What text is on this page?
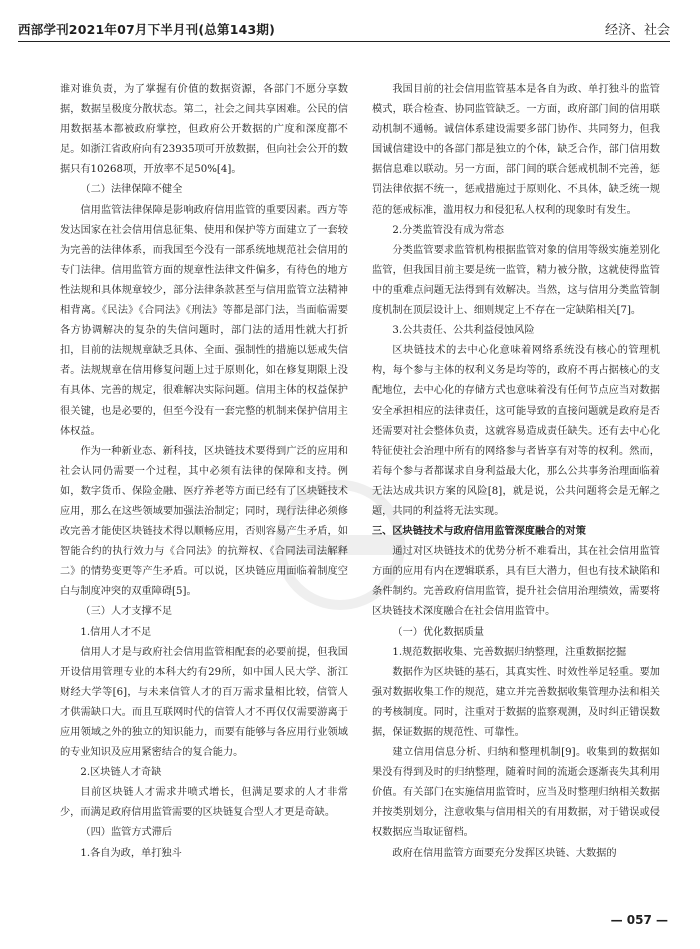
西部学刊2021年07月下半月刊(总第143期)	经济、社会

谁对谁负责，为了掌握有价值的数据资源，各部门不愿分享数据，数据呈极度分散状态。第二，社会之间共享困难。公民的信用数据基本都被政府掌控，但政府公开数据的广度和深度都不足。如浙江省政府向有23935项可开放数据，但向社会公开的数据只有10268项，开放率不足50%[4]。

（二）法律保障不健全

信用监管法律保障是影响政府信用监管的重要因素。西方等发达国家在社会信用信息征集、使用和保护等方面建立了一套较为完善的法律体系，而我国至今没有一部系统地规范社会信用的专门法律。信用监管方面的规章性法律文件偏多，有待色的地方性法规和具体规章较少，部分法律条款甚至与信用监管立法精神相背离。《民法》《合同法》《刑法》等都是部门法，当面临需要各方协调解决的复杂的失信问题时，部门法的适用性就大打折扣，目前的法规规章缺乏具体、全面、强制性的措施以惩戒失信者。法规规章在信用修复问题上过于原则化，如在修复期限上没有具体、完善的规定，很难解决实际问题。信用主体的权益保护很关键，也是必要的，但至今没有一套完整的机制来保护信用主体权益。

作为一种新业态、新科技，区块链技术要得到广泛的应用和社会认同仍需要一个过程，其中必须有法律的保障和支持。例如，数字货币、保险金融、医疗养老等方面已经有了区块链技术应用，那么在这些领域要加强法治制定；同时，现行法律必须修改完善才能使区块链技术得以顺畅应用，否则容易产生矛盾，如智能合约的执行效力与《合同法》的抗辩权、《合同法司法解释二》的情势变更等产生矛盾。可以说，区块链应用面临着制度空白与制度冲突的双重障碍[5]。

（三）人才支撑不足

1.信用人才不足

信用人才是与政府社会信用监管相配套的必要前提，但我国开设信用管理专业的本科大约有29所，如中国人民大学、浙江财经大学等[6]，与未来信管人才的百万需求量相比较，信管人才供需缺口大。而且互联网时代的信管人才不再仅仅需要游离于应用领域之外的独立的知识能力，而要有能够与各应用行业领域的专业知识及应用紧密结合的复合能力。

2.区块链人才奇缺

目前区块链人才需求井喷式增长，但满足要求的人才非常少，而满足政府信用监管需要的区块链复合型人才更是奇缺。

（四）监管方式滞后

1.各自为政，单打独斗

我国目前的社会信用监管基本是各自为政、单打独斗的监管模式，联合检查、协同监管缺乏。一方面，政府部门间的信用联动机制不通畅。诚信体系建设需要多部门协作、共同努力，但我国诚信建设中的各部门都是独立的个体，缺乏合作，部门信用数据信息难以联动。另一方面，部门间的联合惩戒机制不完善，惩罚法律依据不统一，惩戒措施过于原则化、不具体，缺乏统一规范的惩戒标准，滥用权力和侵犯私人权利的现象时有发生。

2.分类监管没有成为常态

分类监管要求监管机构根据监管对象的信用等级实施差别化监管，但我国目前主要是统一监管，精力被分散，这就使得监管中的重难点问题无法得到有效解决。当然，这与信用分类监管制度机制在顶层设计上、细则规定上不存在一定缺陷相关[7]。

3.公共责任、公共利益侵蚀风险

区块链技术的去中心化意味着网络系统没有核心的管理机构，每个参与主体的权利义务是均等的，政府不再占据核心的支配地位，去中心化的存储方式也意味着没有任何节点应当对数据安全承担相应的法律责任，这可能导致的直接问题就是政府是否还需要对社会整体负责，这就容易造成责任缺失。还有去中心化特征使社会治理中所有的网络参与者皆享有对等的权利。然而，若每个参与者都谋求自身利益最大化，那么公共事务治理面临着无法达成共识方案的风险[8]，就是说，公共问题将会是无解之题，共同的利益将无法实现。

三、区块链技术与政府信用监管深度融合的对策

通过对区块链技术的优势分析不难看出，其在社会信用监管方面的应用有内在逻辑联系，具有巨大潜力，但也有技术缺陷和条件制约。完善政府信用监管，提升社会信用治理绩效，需要将区块链技术深度融合在社会信用监管中。

（一）优化数据质量

1.规范数据收集、完善数据归纳整理，注重数据挖掘

数据作为区块链的基石，其真实性、时效性举足轻重。要加强对数据收集工作的规范，建立并完善数据收集管理办法和相关的考核制度。同时，注重对于数据的监察观测，及时纠正错误数据，保证数据的规范性、可靠性。

建立信用信息分析、归纳和整理机制[9]。收集到的数据如果没有得到及时的归纳整理，随着时间的流逝会逐渐丧失其利用价值。有关部门在实施信用监管时，应当及时整理归纳相关数据并按类别划分，注意收集与信用相关的有用数据，对于错误或侵权数据应当取证留档。

政府在信用监管方面要充分发挥区块链、大数据的

— 057 —
